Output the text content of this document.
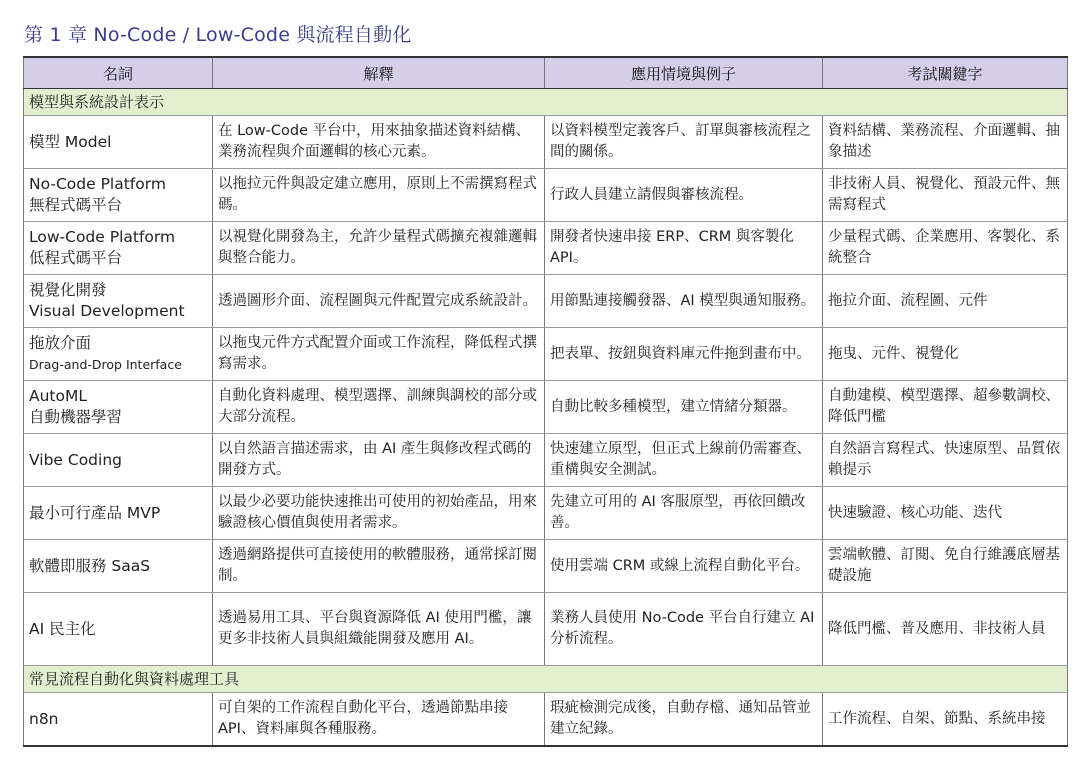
第 1 章 No-Code / Low-Code 與流程自動化
名詞	解釋	應用情境與例子	考試關鍵字
模型與系統設計表示			

模型 Model	在 Low-Code 平台中，用來抽象描述資料結構、業務流程與介面邏輯的核心元素。	以資料模型定義客戶、訂單與審核流程之間的關係。	資料結構、業務流程、介面邏輯、抽象描述

No-Code Platform
無程式碼平台	以拖拉元件與設定建立應用，原則上不需撰寫程式碼。	行政人員建立請假與審核流程。	非技術人員、視覺化、預設元件、無需寫程式

Low-Code Platform
低程式碼平台	以視覺化開發為主，允許少量程式碼擴充複雜邏輯與整合能力。	開發者快速串接 ERP、CRM 與客製化 API。	少量程式碼、企業應用、客製化、系統整合

視覺化開發
Visual Development	透過圖形介面、流程圖與元件配置完成系統設計。	用節點連接觸發器、AI 模型與通知服務。	拖拉介面、流程圖、元件

拖放介面
Drag-and-Drop Interface	以拖曳元件方式配置介面或工作流程，降低程式撰寫需求。	把表單、按鈕與資料庫元件拖到畫布中。	拖曳、元件、視覺化

AutoML
自動機器學習	自動化資料處理、模型選擇、訓練與調校的部分或大部分流程。	自動比較多種模型，建立情緒分類器。	自動建模、模型選擇、超參數調校、降低門檻

Vibe Coding	以自然語言描述需求，由 AI 產生與修改程式碼的開發方式。	快速建立原型，但正式上線前仍需審查、重構與安全測試。	自然語言寫程式、快速原型、品質依賴提示

最小可行產品 MVP	以最少必要功能快速推出可使用的初始產品，用來驗證核心價值與使用者需求。	先建立可用的 AI 客服原型，再依回饋改善。	快速驗證、核心功能、迭代

軟體即服務 SaaS	透過網路提供可直接使用的軟體服務，通常採訂閱制。	使用雲端 CRM 或線上流程自動化平台。	雲端軟體、訂閱、免自行維護底層基礎設施

AI 民主化	透過易用工具、平台與資源降低 AI 使用門檻，讓更多非技術人員與組織能開發及應用 AI。	業務人員使用 No-Code 平台自行建立 AI 分析流程。	降低門檻、普及應用、非技術人員
常見流程自動化與資料處理工具			

n8n	可自架的工作流程自動化平台，透過節點串接 API、資料庫與各種服務。	瑕疵檢測完成後，自動存檔、通知品管並建立紀錄。	工作流程、自架、節點、系統串接
